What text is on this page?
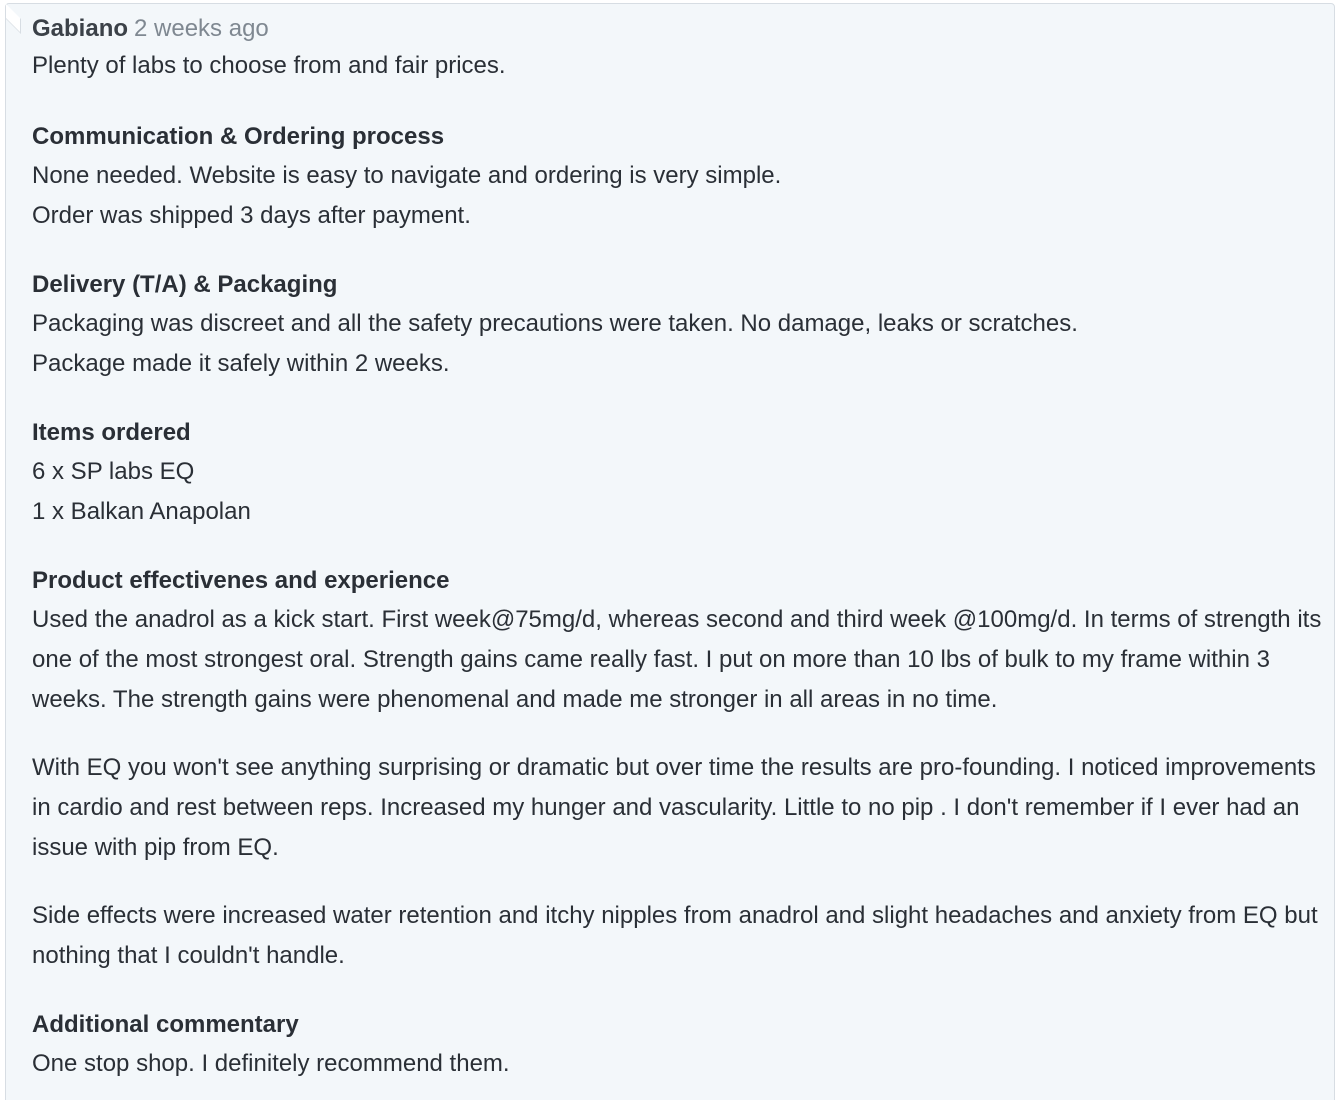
Gabiano 2 weeks ago
Plenty of labs to choose from and fair prices.
Communication & Ordering process
None needed. Website is easy to navigate and ordering is very simple.
Order was shipped 3 days after payment.
Delivery (T/A) & Packaging
Packaging was discreet and all the safety precautions were taken. No damage, leaks or scratches.
Package made it safely within 2 weeks.
Items ordered
6 x SP labs EQ
1 x Balkan Anapolan
Product effectivenes and experience
Used the anadrol as a kick start. First week@75mg/d, whereas second and third week @100mg/d. In terms of strength its one of the most strongest oral. Strength gains came really fast. I put on more than 10 lbs of bulk to my frame within 3 weeks. The strength gains were phenomenal and made me stronger in all areas in no time.
With EQ you won't see anything surprising or dramatic but over time the results are pro-founding. I noticed improvements in cardio and rest between reps. Increased my hunger and vascularity. Little to no pip . I don't remember if I ever had an issue with pip from EQ.
Side effects were increased water retention and itchy nipples from anadrol and slight headaches and anxiety from EQ but nothing that I couldn't handle.
Additional commentary
One stop shop. I definitely recommend them.
